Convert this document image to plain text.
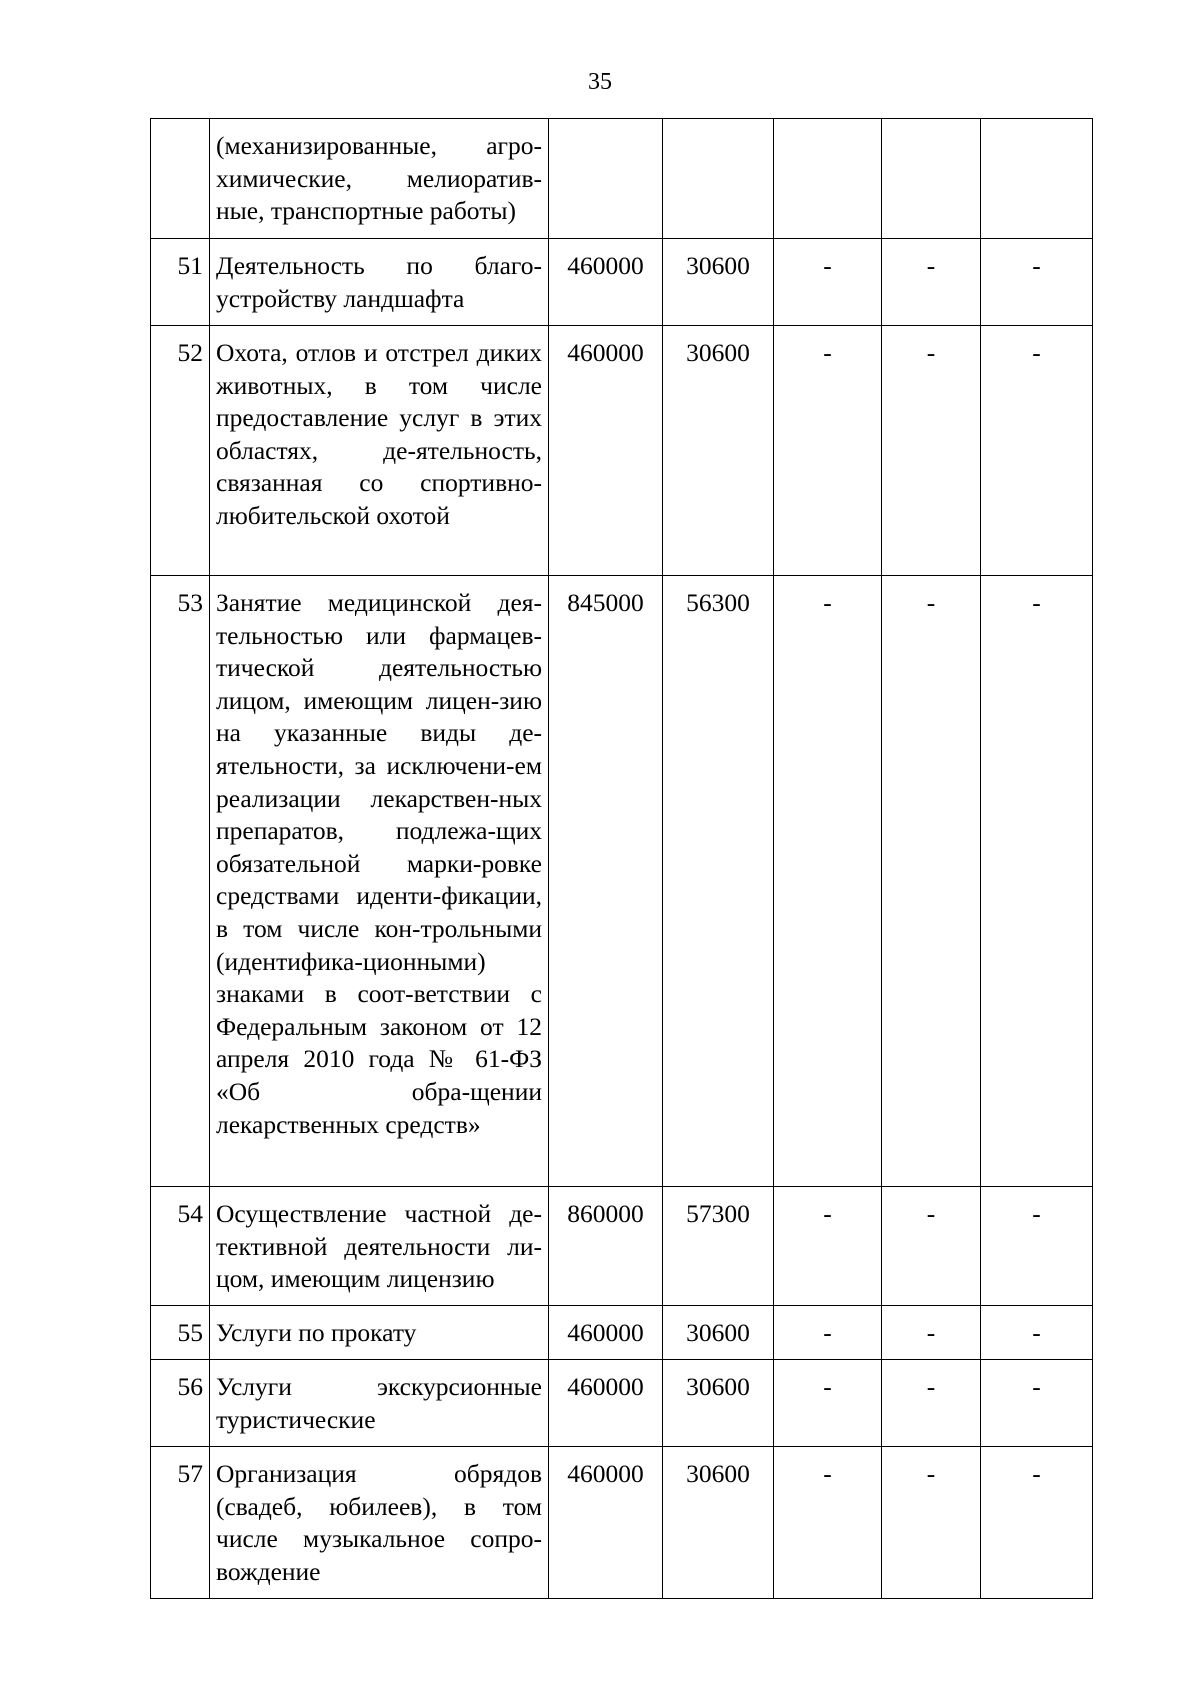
35
	(механизированные, агро-химические, мелиоратив-ные, транспортные работы)					
51	Деятельность по благо-устройству ландшафта	460000	30600	-	-	-
52	Охота, отлов и отстрел диких животных, в том числе предоставление услуг в этих областях, де-ятельность, связанная со спортивно-любительской охотой	460000	30600	-	-	-
53	Занятие медицинской дея-тельностью или фармацев-тической деятельностью лицом, имеющим лицен-зию на указанные виды де-ятельности, за исключени-ем реализации лекарствен-ных препаратов, подлежа-щих обязательной марки-ровке средствами иденти-фикации, в том числе кон-трольными (идентифика-ционными) знаками в соот-ветствии с Федеральным законом от 12 апреля 2010 года № 61-ФЗ «Об обра-щении лекарственных средств»	845000	56300	-	-	-
54	Осуществление частной де-тективной деятельности ли-цом, имеющим лицензию	860000	57300	-	-	-
55	Услуги по прокату	460000	30600	-	-	-
56	Услуги экскурсионные туристические	460000	30600	-	-	-
57	Организация обрядов (свадеб, юбилеев), в том числе музыкальное сопро-вождение	460000	30600	-	-	-
